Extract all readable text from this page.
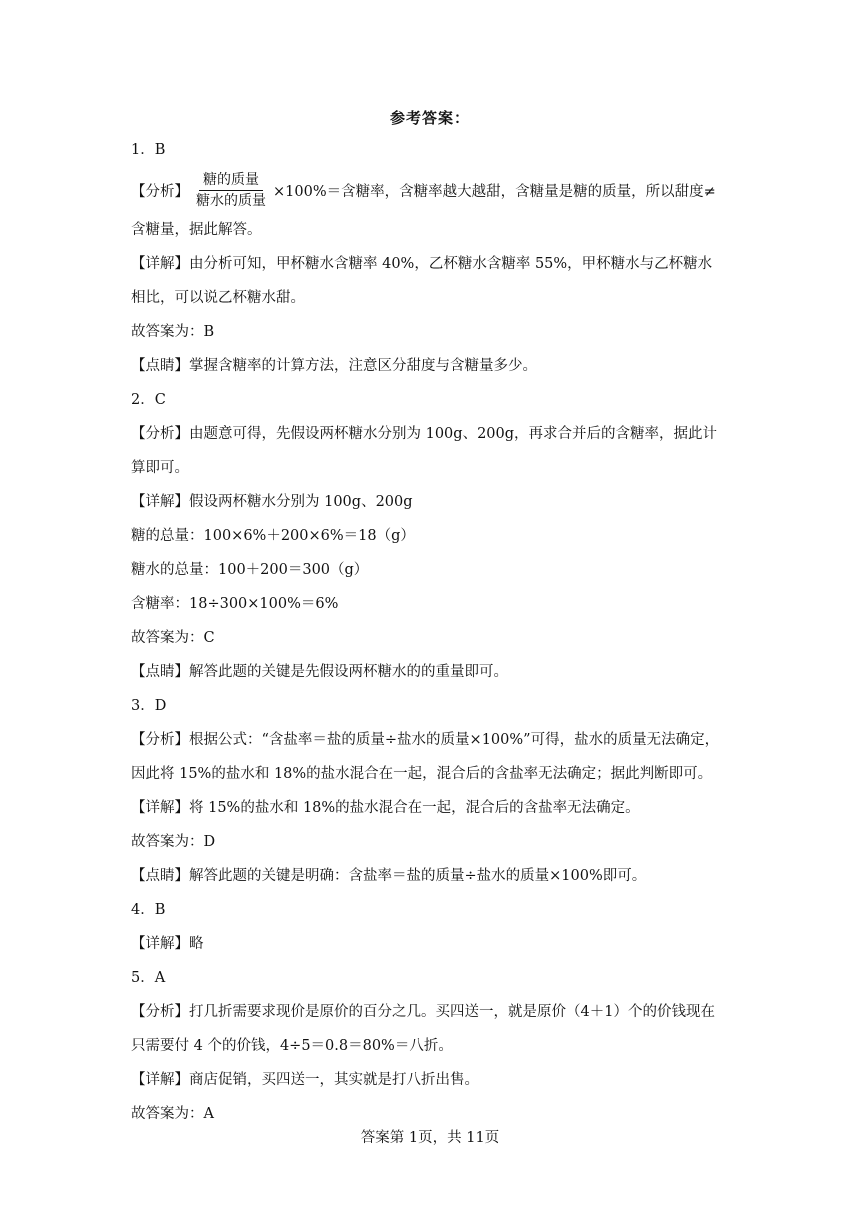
参考答案：
1．B
【分析】 $\frac{\text{糖的质量}}{\text{糖水的质量}} \times 100\%=$含糖率，含糖率越大越甜，含糖量是糖的质量，所以甜度≠
含糖量，据此解答。
【详解】由分析可知，甲杯糖水含糖率 40%，乙杯糖水含糖率 55%，甲杯糖水与乙杯糖水
相比，可以说乙杯糖水甜。
故答案为：B
【点睛】掌握含糖率的计算方法，注意区分甜度与含糖量多少。
2．C
【分析】由题意可得，先假设两杯糖水分别为 100g、200g，再求合并后的含糖率，据此计
算即可。
【详解】假设两杯糖水分别为 100g、200g
糖的总量：100×6%＋200×6%＝18（g）
糖水的总量：100＋200＝300（g）
含糖率：18÷300×100%＝6%
故答案为：C
【点睛】解答此题的关键是先假设两杯糖水的的重量即可。
3．D
【分析】根据公式：“含盐率＝盐的质量÷盐水的质量×100%”可得，盐水的质量无法确定，
因此将 15%的盐水和 18%的盐水混合在一起，混合后的含盐率无法确定；据此判断即可。
【详解】将 15%的盐水和 18%的盐水混合在一起，混合后的含盐率无法确定。
故答案为：D
【点睛】解答此题的关键是明确：含盐率＝盐的质量÷盐水的质量×100%即可。
4．B
【详解】略
5．A
【分析】打几折需要求现价是原价的百分之几。买四送一，就是原价（4＋1）个的价钱现在
只需要付 4 个的价钱，4÷5＝0.8＝80%＝八折。
【详解】商店促销，买四送一，其实就是打八折出售。
故答案为：A
答案第 1页，共 11页
